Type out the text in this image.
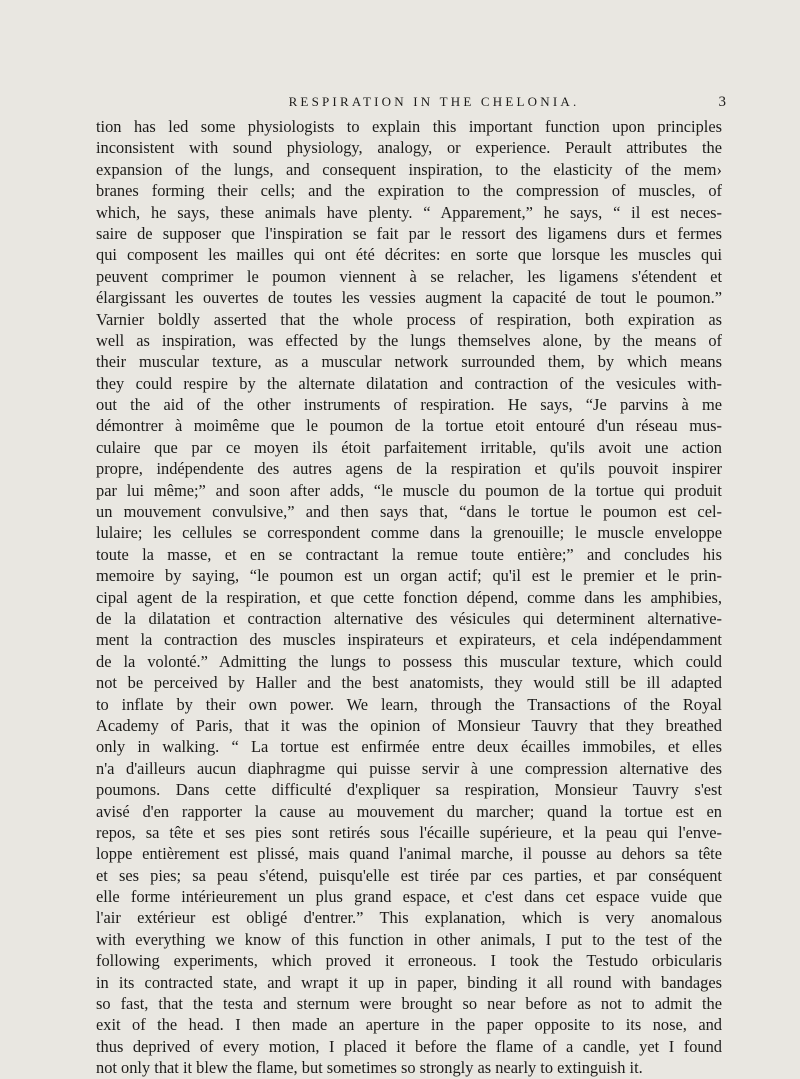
RESPIRATION IN THE CHELONIA.	3
tion has led some physiologists to explain this important function upon principles
inconsistent with sound physiology, analogy, or experience. Perault attributes the
expansion of the lungs, and consequent inspiration, to the elasticity of the mem›
branes forming their cells; and the expiration to the compression of muscles, of
which, he says, these animals have plenty. “ Apparement,” he says, “ il est neces-
saire de supposer que l'inspiration se fait par le ressort des ligamens durs et fermes
qui composent les mailles qui ont été décrites: en sorte que lorsque les muscles qui
peuvent comprimer le poumon viennent à se relacher, les ligamens s'étendent et
élargissant les ouvertes de toutes les vessies augment la capacité de tout le poumon.”
Varnier boldly asserted that the whole process of respiration, both expiration as
well as inspiration, was effected by the lungs themselves alone, by the means of
their muscular texture, as a muscular network surrounded them, by which means
they could respire by the alternate dilatation and contraction of the vesicules with-
out the aid of the other instruments of respiration. He says, “Je parvins à me
démontrer à moimême que le poumon de la tortue etoit entouré d'un réseau mus-
culaire que par ce moyen ils étoit parfaitement irritable, qu'ils avoit une action
propre, indépendente des autres agens de la respiration et qu'ils pouvoit inspirer
par lui même;” and soon after adds, “le muscle du poumon de la tortue qui produit
un mouvement convulsive,” and then says that, “dans le tortue le poumon est cel-
lulaire; les cellules se correspondent comme dans la grenouille; le muscle enveloppe
toute la masse, et en se contractant la remue toute entière;” and concludes his
memoire by saying, “le poumon est un organ actif; qu'il est le premier et le prin-
cipal agent de la respiration, et que cette fonction dépend, comme dans les amphibies,
de la dilatation et contraction alternative des vésicules qui determinent alternative-
ment la contraction des muscles inspirateurs et expirateurs, et cela indépendamment
de la volonté.” Admitting the lungs to possess this muscular texture, which could
not be perceived by Haller and the best anatomists, they would still be ill adapted
to inflate by their own power. We learn, through the Transactions of the Royal
Academy of Paris, that it was the opinion of Monsieur Tauvry that they breathed
only in walking. “ La tortue est enfirmée entre deux écailles immobiles, et elles
n'a d'ailleurs aucun diaphragme qui puisse servir à une compression alternative des
poumons. Dans cette difficulté d'expliquer sa respiration, Monsieur Tauvry s'est
avisé d'en rapporter la cause au mouvement du marcher; quand la tortue est en
repos, sa tête et ses pies sont retirés sous l'écaille supérieure, et la peau qui l'enve-
loppe entièrement est plissé, mais quand l'animal marche, il pousse au dehors sa tête
et ses pies; sa peau s'étend, puisqu'elle est tirée par ces parties, et par conséquent
elle forme intérieurement un plus grand espace, et c'est dans cet espace vuide que
l'air extérieur est obligé d'entrer.” This explanation, which is very anomalous
with everything we know of this function in other animals, I put to the test of the
following experiments, which proved it erroneous. I took the Testudo orbicularis
in its contracted state, and wrapt it up in paper, binding it all round with bandages
so fast, that the testa and sternum were brought so near before as not to admit the
exit of the head. I then made an aperture in the paper opposite to its nose, and
thus deprived of every motion, I placed it before the flame of a candle, yet I found
not only that it blew the flame, but sometimes so strongly as nearly to extinguish it.
